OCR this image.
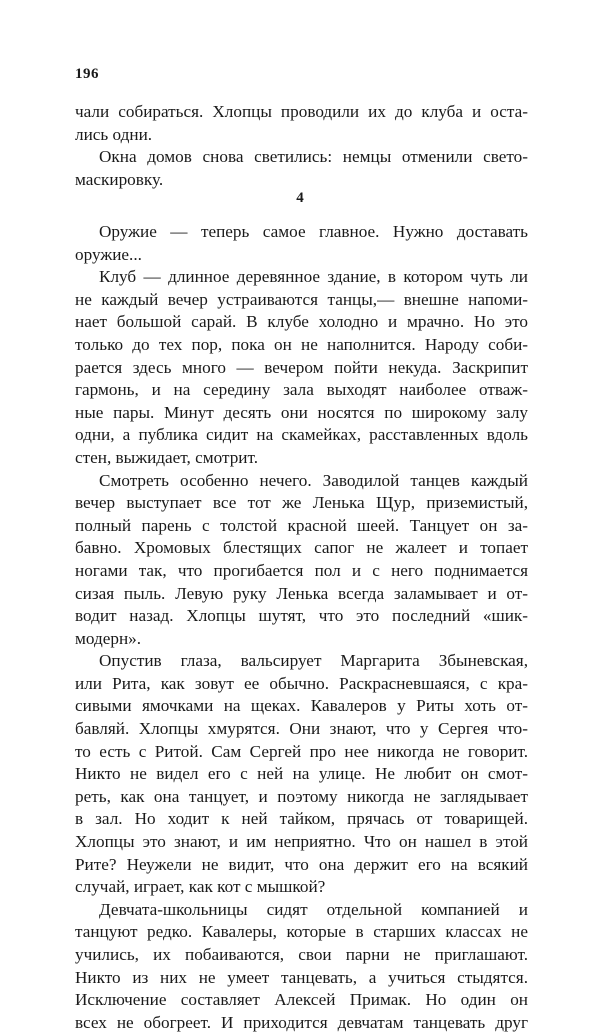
196
чали собираться. Хлопцы проводили их до клуба и оста-
лись одни.
Окна домов снова светились: немцы отменили свето-
маскировку.
4
Оружие — теперь самое главное. Нужно доставать
оружие...
Клуб — длинное деревянное здание, в котором чуть ли
не каждый вечер устраиваются танцы,— внешне напоми-
нает большой сарай. В клубе холодно и мрачно. Но это
только до тех пор, пока он не наполнится. Народу соби-
рается здесь много — вечером пойти некуда. Заскрипит
гармонь, и на середину зала выходят наиболее отваж-
ные пары. Минут десять они носятся по широкому залу
одни, а публика сидит на скамейках, расставленных вдоль
стен, выжидает, смотрит.
Смотреть особенно нечего. Заводилой танцев каждый
вечер выступает все тот же Ленька Щур, приземистый,
полный парень с толстой красной шеей. Танцует он за-
бавно. Хромовых блестящих сапог не жалеет и топает
ногами так, что прогибается пол и с него поднимается
сизая пыль. Левую руку Ленька всегда заламывает и от-
водит назад. Хлопцы шутят, что это последний «шик-
модерн».
Опустив глаза, вальсирует Маргарита Збыневская,
или Рита, как зовут ее обычно. Раскрасневшаяся, с кра-
сивыми ямочками на щеках. Кавалеров у Риты хоть от-
бавляй. Хлопцы хмурятся. Они знают, что у Сергея что-
то есть с Ритой. Сам Сергей про нее никогда не говорит.
Никто не видел его с ней на улице. Не любит он смот-
реть, как она танцует, и поэтому никогда не заглядывает
в зал. Но ходит к ней тайком, прячась от товарищей.
Хлопцы это знают, и им неприятно. Что он нашел в этой
Рите? Неужели не видит, что она держит его на всякий
случай, играет, как кот с мышкой?
Девчата-школьницы сидят отдельной компанией и
танцуют редко. Кавалеры, которые в старших классах не
учились, их побаиваются, свои парни не приглашают.
Никто из них не умеет танцевать, а учиться стыдятся.
Исключение составляет Алексей Примак. Но один он
всех не обогреет. И приходится девчатам танцевать друг
